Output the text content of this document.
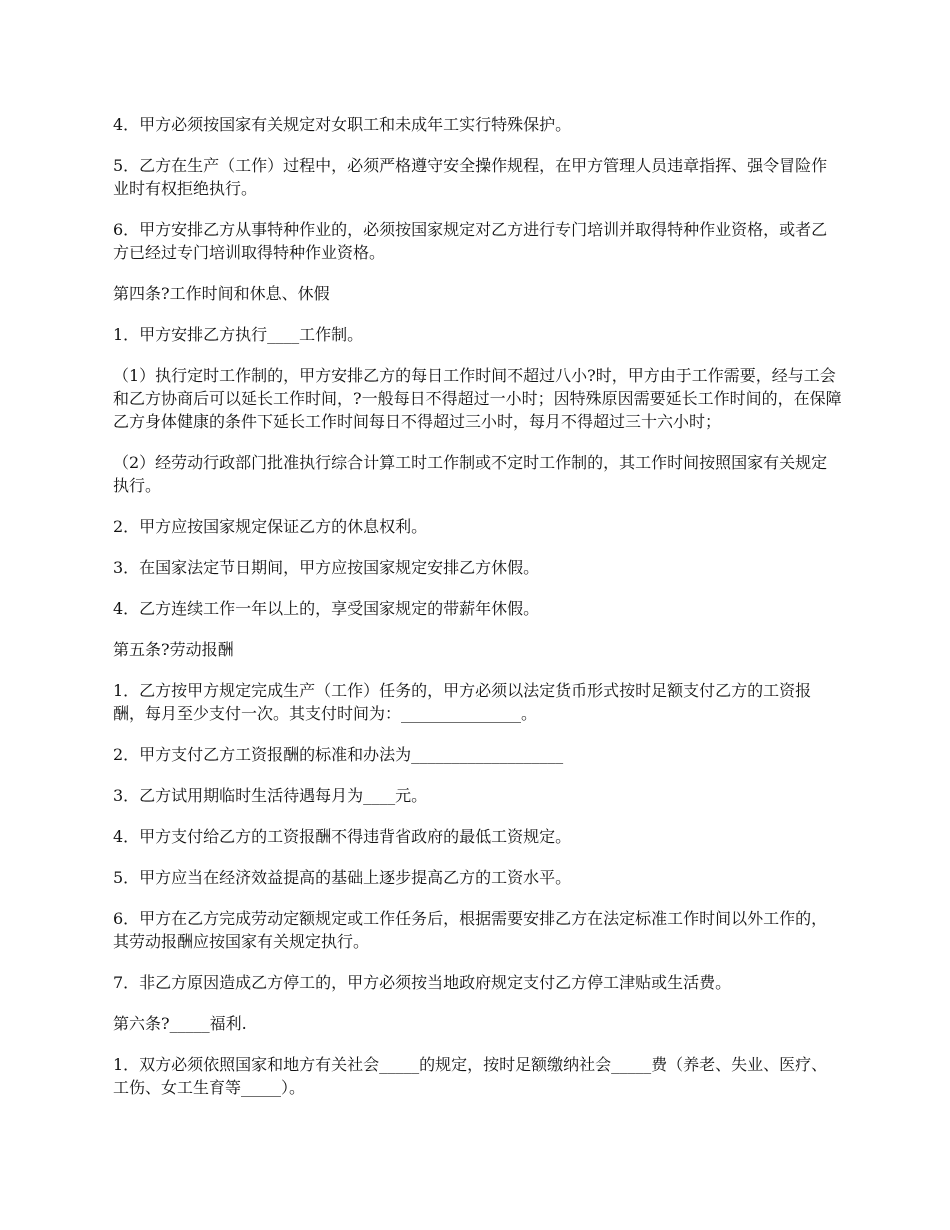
4．甲方必须按国家有关规定对女职工和未成年工实行特殊保护。

5．乙方在生产（工作）过程中，必须严格遵守安全操作规程，在甲方管理人员违章指挥、强令冒险作业时有权拒绝执行。

6．甲方安排乙方从事特种作业的，必须按国家规定对乙方进行专门培训并取得特种作业资格，或者乙方已经过专门培训取得特种作业资格。

第四条?工作时间和休息、休假

1．甲方安排乙方执行____工作制。

（1）执行定时工作制的，甲方安排乙方的每日工作时间不超过八小?时，甲方由于工作需要，经与工会和乙方协商后可以延长工作时间，?一般每日不得超过一小时；因特殊原因需要延长工作时间的，在保障乙方身体健康的条件下延长工作时间每日不得超过三小时，每月不得超过三十六小时；

（2）经劳动行政部门批准执行综合计算工时工作制或不定时工作制的，其工作时间按照国家有关规定执行。

2．甲方应按国家规定保证乙方的休息权利。

3．在国家法定节日期间，甲方应按国家规定安排乙方休假。

4．乙方连续工作一年以上的，享受国家规定的带薪年休假。

第五条?劳动报酬

1．乙方按甲方规定完成生产（工作）任务的，甲方必须以法定货币形式按时足额支付乙方的工资报酬，每月至少支付一次。其支付时间为：_______________。

2．甲方支付乙方工资报酬的标准和办法为___________________

3．乙方试用期临时生活待遇每月为____元。

4．甲方支付给乙方的工资报酬不得违背省政府的最低工资规定。

5．甲方应当在经济效益提高的基础上逐步提高乙方的工资水平。

6．甲方在乙方完成劳动定额规定或工作任务后，根据需要安排乙方在法定标准工作时间以外工作的，其劳动报酬应按国家有关规定执行。

7．非乙方原因造成乙方停工的，甲方必须按当地政府规定支付乙方停工津贴或生活费。

第六条?_____福利.

1．双方必须依照国家和地方有关社会_____的规定，按时足额缴纳社会_____费（养老、失业、医疗、工伤、女工生育等_____）。
